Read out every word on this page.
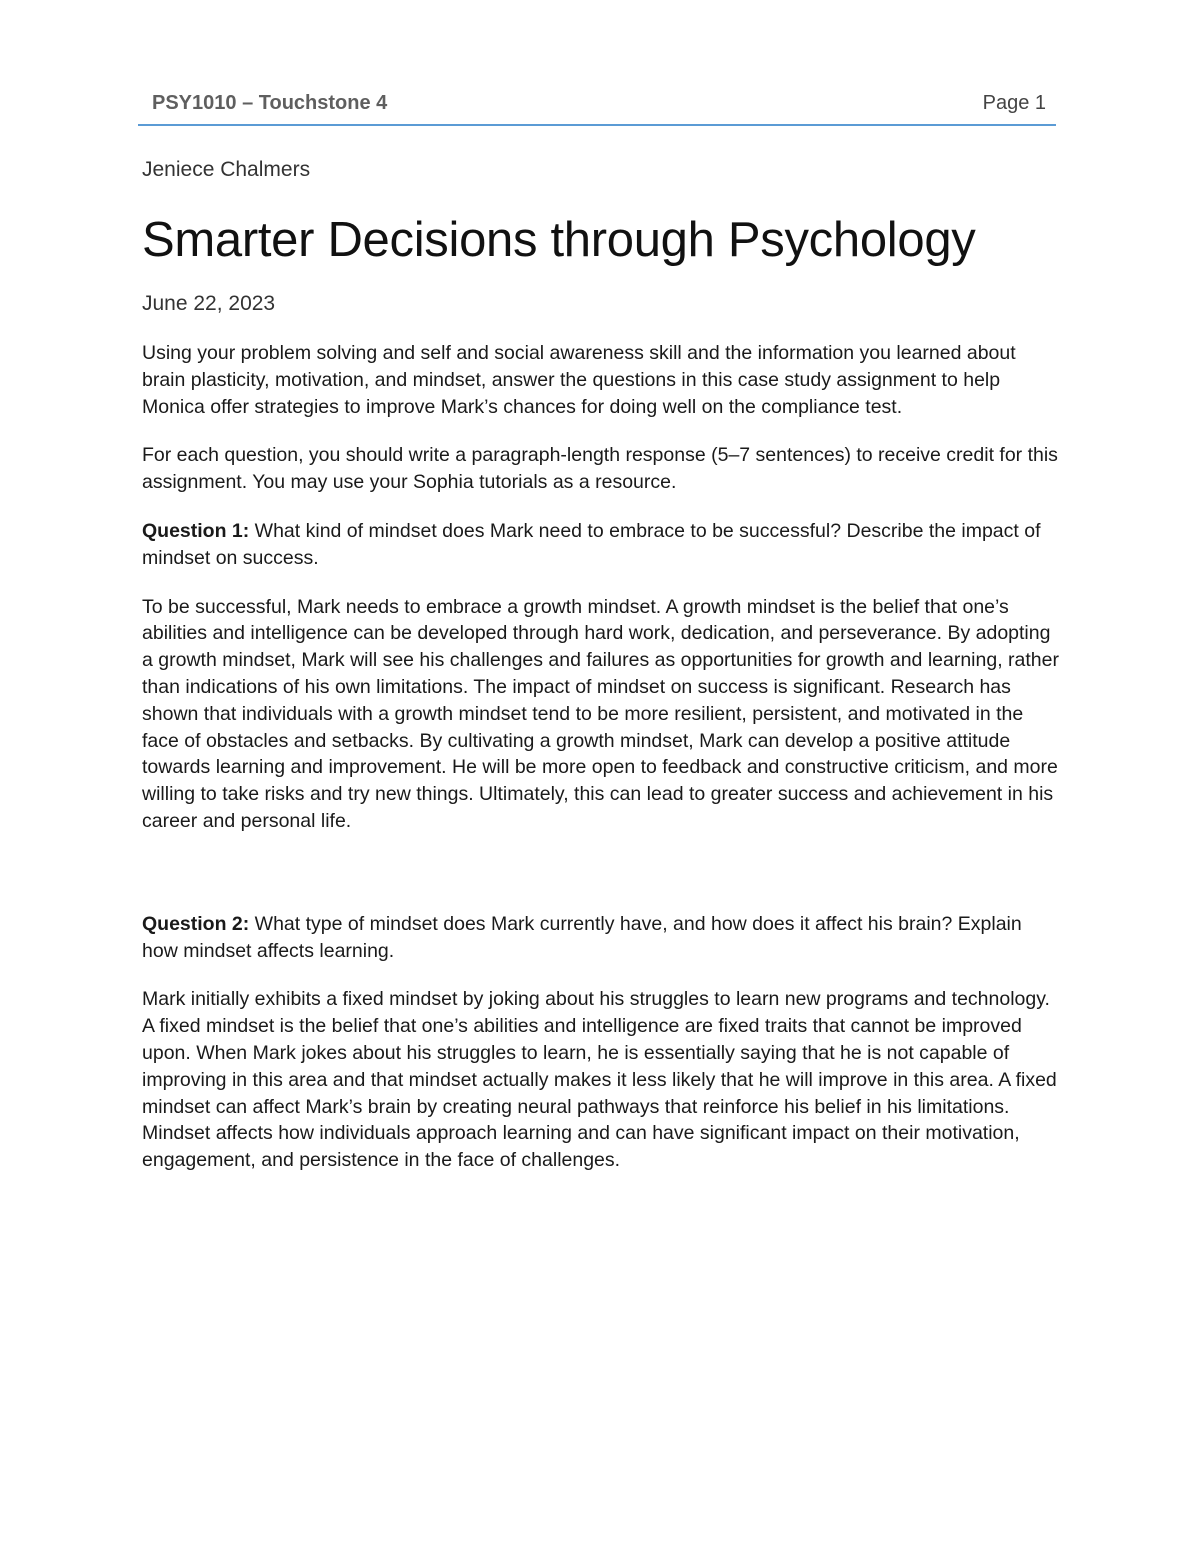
PSY1010 – Touchstone 4	Page 1
Jeniece Chalmers
Smarter Decisions through Psychology
June 22, 2023

Using your problem solving and self and social awareness skill and the information you learned about brain plasticity, motivation, and mindset, answer the questions in this case study assignment to help Monica offer strategies to improve Mark’s chances for doing well on the compliance test.

For each question, you should write a paragraph-length response (5–7 sentences) to receive credit for this assignment. You may use your Sophia tutorials as a resource.

Question 1: What kind of mindset does Mark need to embrace to be successful? Describe the impact of mindset on success.

To be successful, Mark needs to embrace a growth mindset. A growth mindset is the belief that one’s abilities and intelligence can be developed through hard work, dedication, and perseverance. By adopting a growth mindset, Mark will see his challenges and failures as opportunities for growth and learning, rather than indications of his own limitations. The impact of mindset on success is significant. Research has shown that individuals with a growth mindset tend to be more resilient, persistent, and motivated in the face of obstacles and setbacks. By cultivating a growth mindset, Mark can develop a positive attitude towards learning and improvement. He will be more open to feedback and constructive criticism, and more willing to take risks and try new things. Ultimately, this can lead to greater success and achievement in his career and personal life.

Question 2: What type of mindset does Mark currently have, and how does it affect his brain? Explain how mindset affects learning.

Mark initially exhibits a fixed mindset by joking about his struggles to learn new programs and technology. A fixed mindset is the belief that one’s abilities and intelligence are fixed traits that cannot be improved upon. When Mark jokes about his struggles to learn, he is essentially saying that he is not capable of improving in this area and that mindset actually makes it less likely that he will improve in this area. A fixed mindset can affect Mark’s brain by creating neural pathways that reinforce his belief in his limitations. Mindset affects how individuals approach learning and can have significant impact on their motivation, engagement, and persistence in the face of challenges.
